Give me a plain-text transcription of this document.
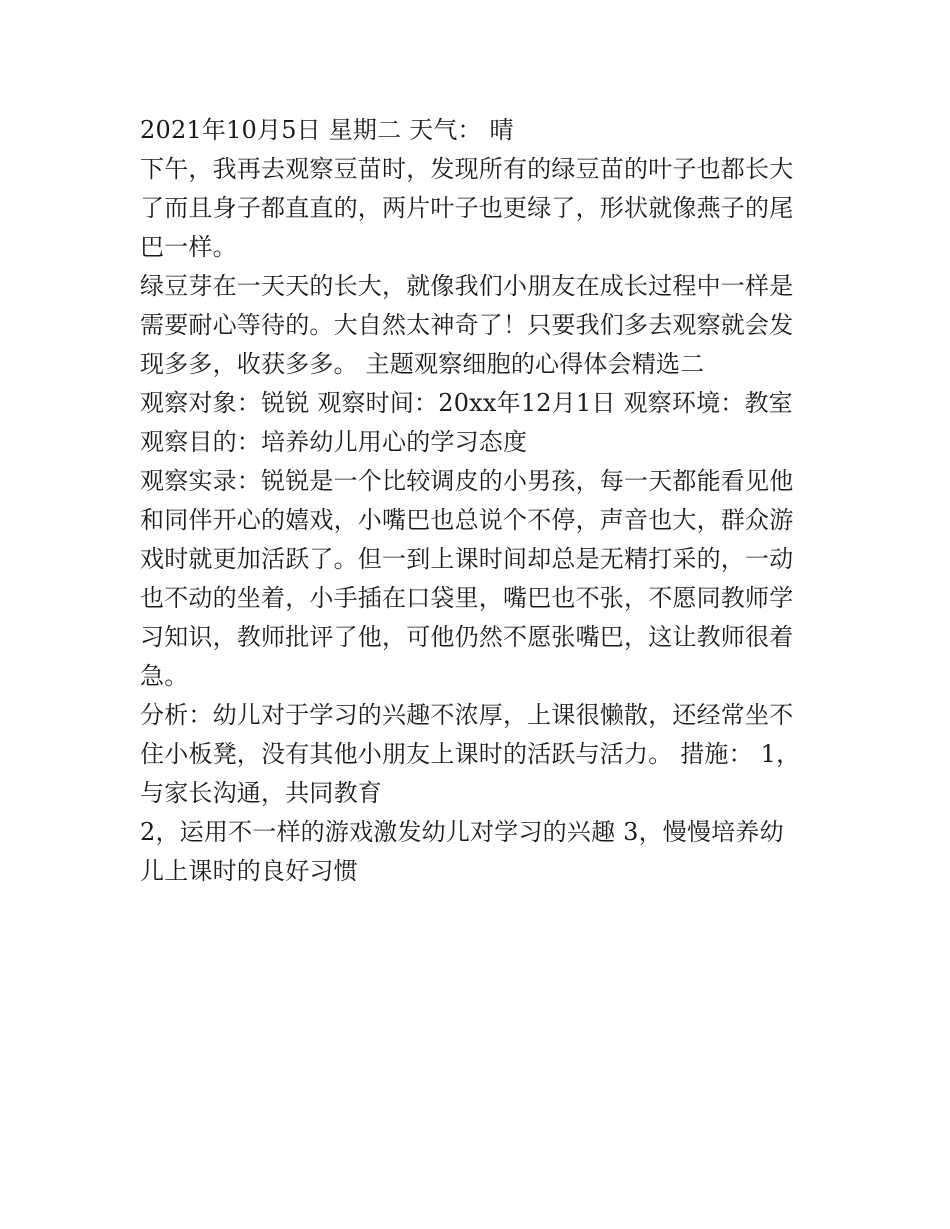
2021年10月5日 星期二 天气： 晴
下午，我再去观察豆苗时，发现所有的绿豆苗的叶子也都长大
了而且身子都直直的，两片叶子也更绿了，形状就像燕子的尾
巴一样。
绿豆芽在一天天的长大，就像我们小朋友在成长过程中一样是
需要耐心等待的。大自然太神奇了！只要我们多去观察就会发
现多多，收获多多。 主题观察细胞的心得体会精选二
观察对象：锐锐 观察时间：20xx年12月1日 观察环境：教室
观察目的：培养幼儿用心的学习态度
观察实录：锐锐是一个比较调皮的小男孩，每一天都能看见他
和同伴开心的嬉戏，小嘴巴也总说个不停，声音也大，群众游
戏时就更加活跃了。但一到上课时间却总是无精打采的，一动
也不动的坐着，小手插在口袋里，嘴巴也不张，不愿同教师学
习知识，教师批评了他，可他仍然不愿张嘴巴，这让教师很着
急。
分析：幼儿对于学习的兴趣不浓厚，上课很懒散，还经常坐不
住小板凳，没有其他小朋友上课时的活跃与活力。 措施： 1，
与家长沟通，共同教育
2，运用不一样的游戏激发幼儿对学习的兴趣 3，慢慢培养幼
儿上课时的良好习惯
